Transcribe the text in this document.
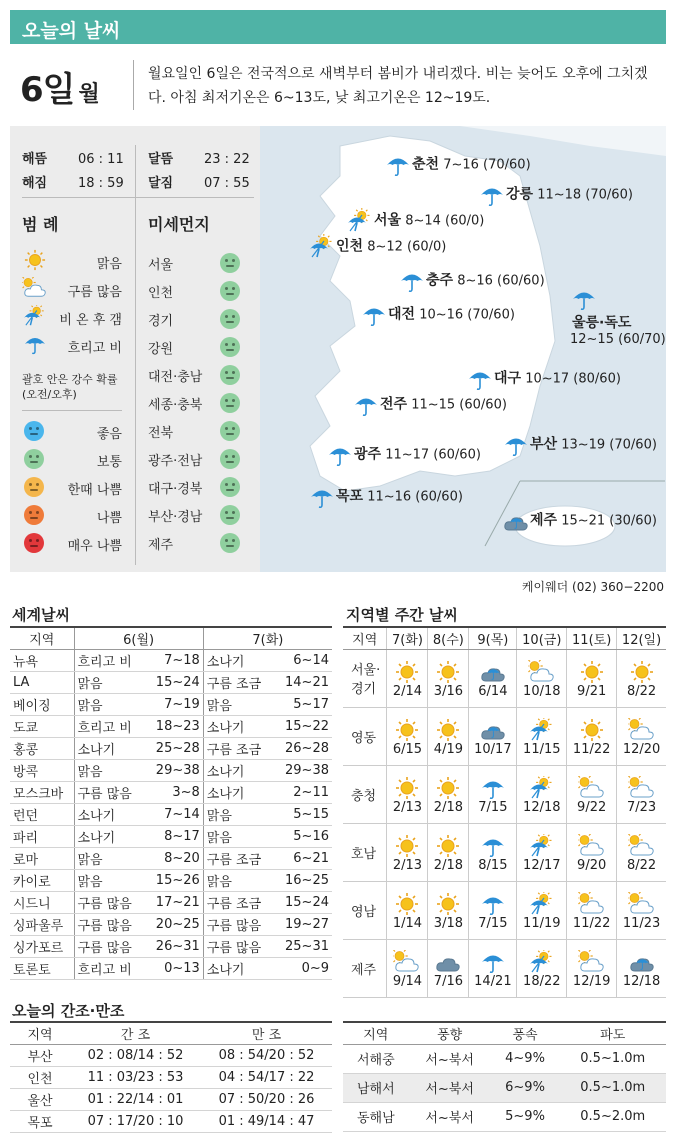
오늘의 날씨
6일 월
월요일인 6일은 전국적으로 새벽부터 봄비가 내리겠다. 비는 늦어도 오후에 그치겠다. 아침 최저기온은 6~13도, 낮 최고기온은 12~19도.
해뜸 06 : 11
해짐 18 : 59
달뜸 23 : 22
달짐 07 : 55
범 례	미세먼지
맑음
구름 많음
비 온 후 갬
흐리고 비
괄호 안은 강수 확률
(오전/오후)
좋음
보통
한때 나쁨
나쁨
매우 나쁨
서울
인천
경기
강원
대전·충남
세종·충북
전북
광주·전남
대구·경북
부산·경남
제주
춘천 7~16 (70/60)
강릉 11~18 (70/60)
서울 8~14 (60/0)
인천 8~12 (60/0)
충주 8~16 (60/60)
대전 10~16 (70/60)	울릉·독도
12~15 (60/70)
대구 10~17 (80/60)
전주 11~15 (60/60)
부산 13~19 (70/60)
광주 11~17 (60/60)
목포 11~16 (60/60)
제주 15~21 (30/60)
케이웨더 (02) 360−2200
세계날씨
지역	6(월)		7(화)	
뉴욕	흐리고 비	7~18	소나기	6~14
LA	맑음	15~24	구름 조금	14~21
베이징	맑음	7~19	맑음	5~17
도쿄	흐리고 비	18~23	소나기	15~22
홍콩	소나기	25~28	구름 조금	26~28
방콕	맑음	29~38	소나기	29~38
모스크바	구름 많음	3~8	소나기	2~11
런던	소나기	7~14	맑음	5~15
파리	소나기	8~17	맑음	5~16
로마	맑음	8~20	구름 조금	6~21
카이로	맑음	15~26	맑음	16~25
시드니	구름 많음	17~21	구름 조금	15~24
싱파울루	구름 많음	20~25	구름 많음	19~27
싱가포르	구름 많음	26~31	구름 많음	25~31
토론토	흐리고 비	0~13	소나기	0~9
지역별 주간 날씨
지역	7(화)	8(수)	9(목)	10(금)	11(토)	12(일)
서울·
경기	2/14	3/16	6/14	10/18	9/21	8/22

영동	6/15	4/19	10/17	11/15	11/22	12/20

충청	2/13	2/18	7/15	12/18	9/22	7/23

호남	2/13	2/18	8/15	12/17	9/20	8/22

영남	1/14	3/18	7/15	11/19	11/22	11/23

제주	9/14	7/16	14/21	18/22	12/19	12/18
오늘의 간조·만조
지역	간 조	만 조
부산	02 : 08/14 : 52	08 : 54/20 : 52
인천	11 : 03/23 : 53	04 : 54/17 : 22
울산	01 : 22/14 : 01	07 : 50/20 : 26
목포	07 : 17/20 : 10	01 : 49/14 : 47
지역	풍향	풍속	파도
서해중	서~북서	4~9%	0.5~1.0m
남해서	서~북서	6~9%	0.5~1.0m
동해남	서~북서	5~9%	0.5~2.0m
